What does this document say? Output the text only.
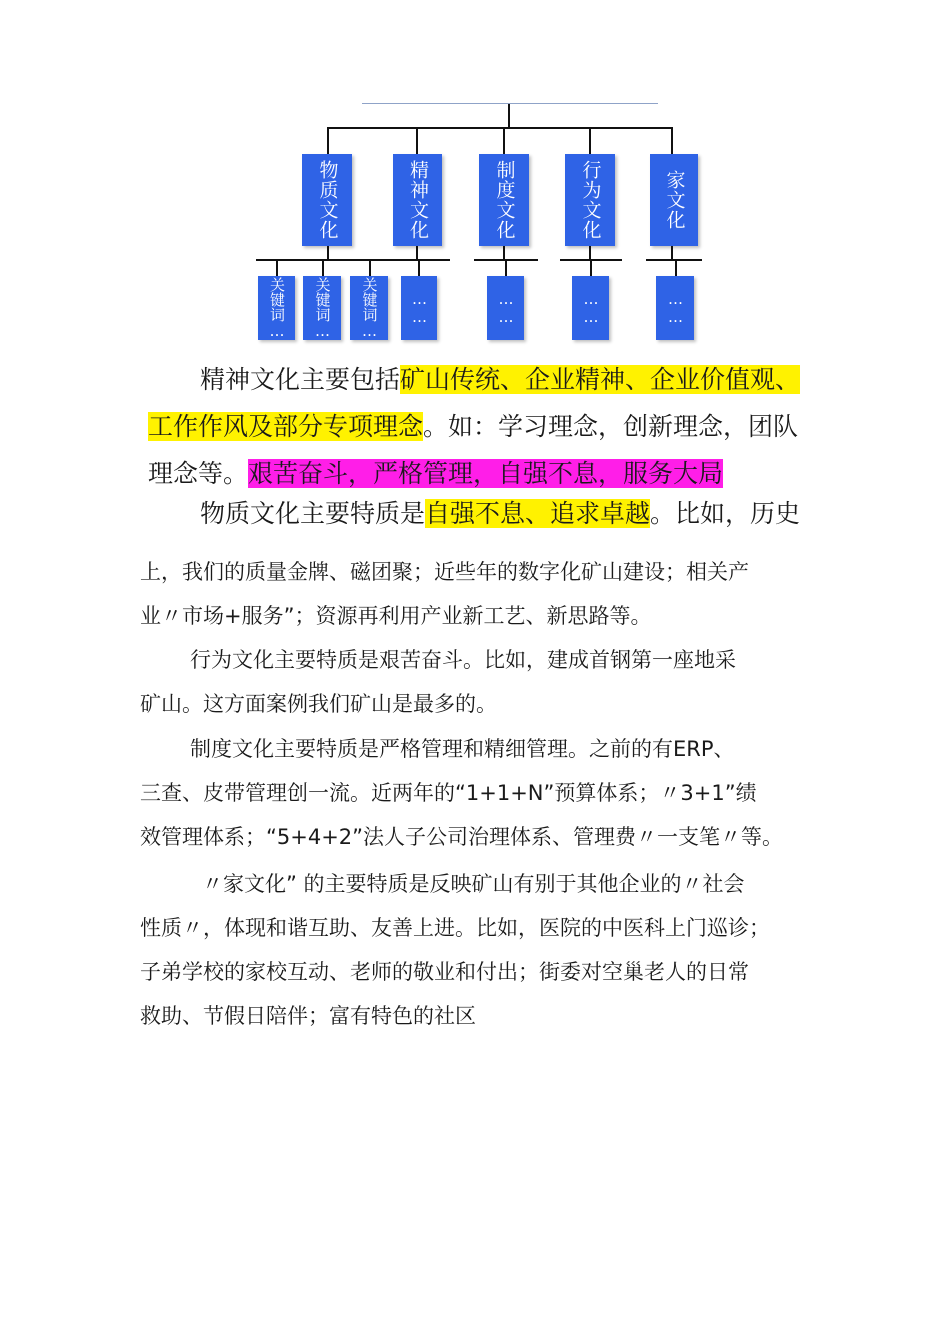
物质文化	精神文化	制度文化	行为文化	家文化
关键词… 关键词… 关键词… ……	……	……	……
精神文化主要包括矿山传统、企业精神、企业价值观、
工作作风及部分专项理念。如：学习理念，创新理念，团队
理念等。艰苦奋斗，严格管理，自强不息，服务大局
物质文化主要特质是自强不息、追求卓越。比如，历史
上，我们的质量金牌、磁团聚；近些年的数字化矿山建设；相关产
业〃市场+服务”；资源再利用产业新工艺、新思路等。
行为文化主要特质是艰苦奋斗。比如，建成首钢第一座地采
矿山。这方面案例我们矿山是最多的。
制度文化主要特质是严格管理和精细管理。之前的有ERP、
三查、皮带管理创一流。近两年的“1+1+N”预算体系；〃3+1”绩
效管理体系；“5+4+2”法人子公司治理体系、管理费〃一支笔〃等。
〃家文化” 的主要特质是反映矿山有别于其他企业的〃社会
性质〃，体现和谐互助、友善上进。比如，医院的中医科上门巡诊；
子弟学校的家校互动、老师的敬业和付出；街委对空巢老人的日常
救助、节假日陪伴；富有特色的社区
